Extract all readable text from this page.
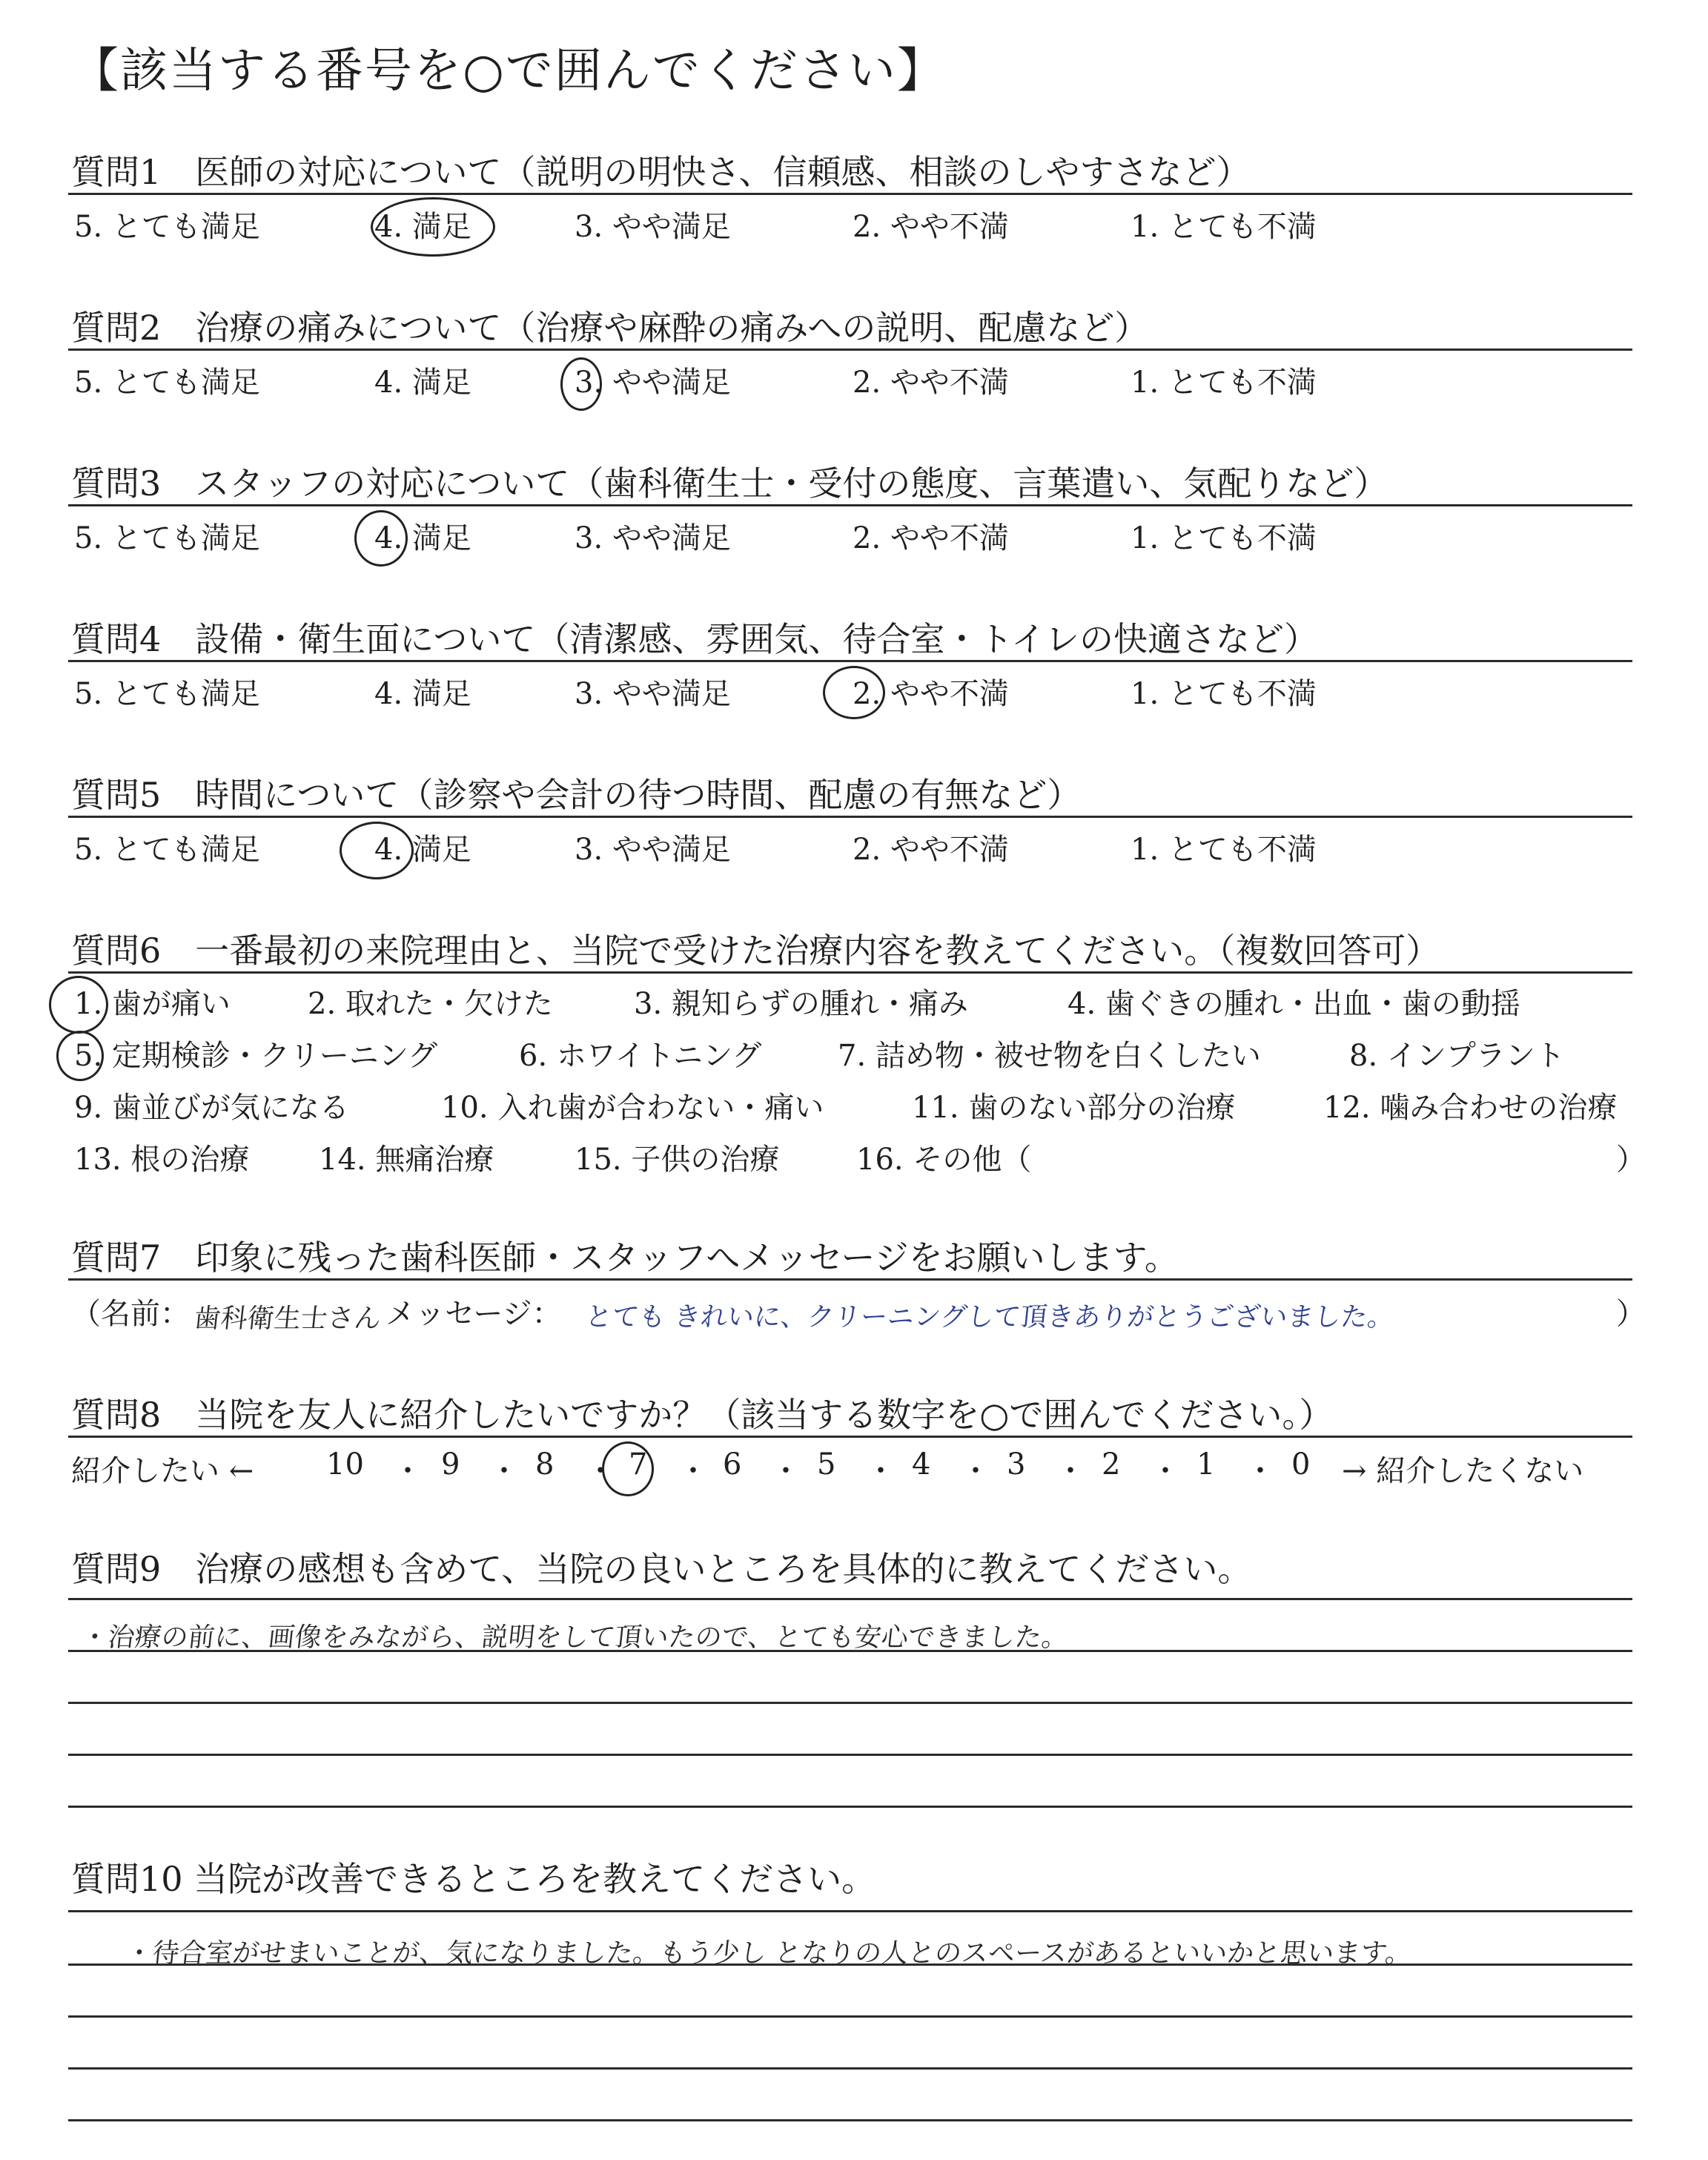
【該当する番号を○で囲んでください】
質問1　医師の対応について（説明の明快さ、信頼感、相談のしやすさなど）
5. とても満足	4. 満足	3. やや満足	2. やや不満	1. とても不満
質問2　治療の痛みについて（治療や麻酔の痛みへの説明、配慮など）
5. とても満足	4. 満足	3. やや満足	2. やや不満	1. とても不満
質問3　スタッフの対応について（歯科衛生士・受付の態度、言葉遣い、気配りなど）
5. とても満足	4. 満足	3. やや満足	2. やや不満	1. とても不満
質問4　設備・衛生面について（清潔感、雰囲気、待合室・トイレの快適さなど）
5. とても満足	4. 満足	3. やや満足	2. やや不満	1. とても不満
質問5　時間について（診察や会計の待つ時間、配慮の有無など）
5. とても満足	4. 満足	3. やや満足	2. やや不満	1. とても不満
質問6　一番最初の来院理由と、当院で受けた治療内容を教えてください。（複数回答可）
1. 歯が痛い	2. 取れた・欠けた	3. 親知らずの腫れ・痛み	4. 歯ぐきの腫れ・出血・歯の動揺
5. 定期検診・クリーニング	6. ホワイトニング	7. 詰め物・被せ物を白くしたい	8. インプラント
9. 歯並びが気になる	10. 入れ歯が合わない・痛い	11. 歯のない部分の治療	12. 噛み合わせの治療
13. 根の治療 14. 無痛治療	15. 子供の治療	16. その他（	）
質問7　印象に残った歯科医師・スタッフへメッセージをお願いします。
（名前： 歯科衛生士さん メッセージ： とても きれいに、クリーニングして頂きありがとうございました。	）
質問8　当院を友人に紹介したいですか？（該当する数字を○で囲んでください。）
紹介したい ← 10 ・ 9 ・ 8 ・ 7 ・ 6 ・ 5 ・ 4 ・ 3 ・ 2 ・ 1 ・ 0 → 紹介したくない
質問9　治療の感想も含めて、当院の良いところを具体的に教えてください。
・治療の前に、画像をみながら、説明をして頂いたので、とても安心できました。
質問10 当院が改善できるところを教えてください。
・待合室がせまいことが、気になりました。もう少し となりの人とのスペースがあるといいかと思います。
